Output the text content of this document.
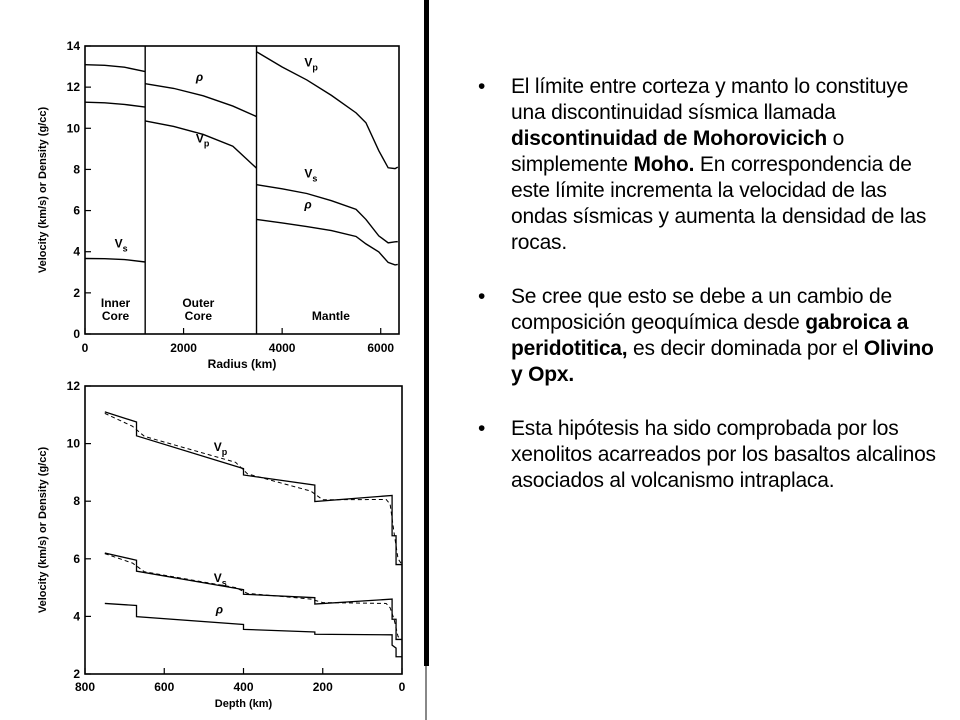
0
2
4
6
8
10
12
14
0	2000	4000	6000
Radius (km)
Velocity (km/s) or Density (g/cc)
Inner
Core
Outer
Core	Mantle
ρ
ρ
$V_p$
$V_p$
$V_s$
$V_s$
2
4
6
8
10
12
800	600	400	200	0
Depth (km)
Velocity (km/s) or Density (g/cc)
$V_p$
$V_s$
ρ
• El límite entre corteza y manto lo constituye una discontinuidad sísmica llamada discontinuidad de Mohorovicich o simplemente Moho. En correspondencia de este límite incrementa la velocidad de las ondas sísmicas y aumenta la densidad de las rocas.
• Se cree que esto se debe a un cambio de composición geoquímica desde gabroica a peridotitica, es decir dominada por el Olivino y Opx.
• Esta hipótesis ha sido comprobada por los xenolitos acarreados por los basaltos alcalinos asociados al volcanismo intraplaca.
